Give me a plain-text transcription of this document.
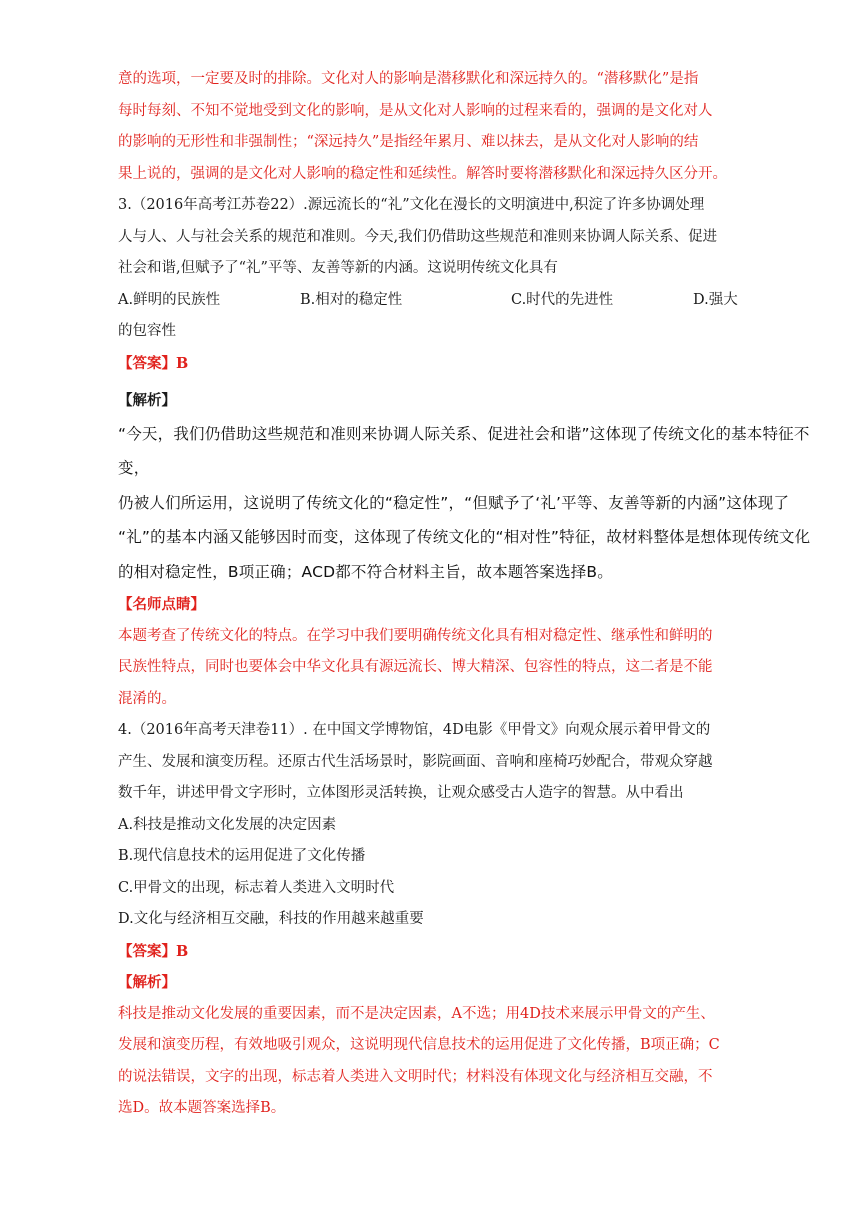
意的选项，一定要及时的排除。文化对人的影响是潜移默化和深远持久的。“潜移默化”是指

每时每刻、不知不觉地受到文化的影响，是从文化对人影响的过程来看的，强调的是文化对人

的影响的无形性和非强制性；“深远持久”是指经年累月、难以抹去，是从文化对人影响的结

果上说的，强调的是文化对人影响的稳定性和延续性。解答时要将潜移默化和深远持久区分开。

3.（2016年高考江苏卷22）.源远流长的“礼”文化在漫长的文明演进中,积淀了许多协调处理

人与人、人与社会关系的规范和准则。今天,我们仍借助这些规范和准则来协调人际关系、促进

社会和谐,但赋予了“礼”平等、友善等新的内涵。这说明传统文化具有

A.鲜明的民族性	B.相对的稳定性	C.时代的先进性	D.强大

的包容性

【答案】B

【解析】

“今天，我们仍借助这些规范和准则来协调人际关系、促进社会和谐”这体现了传统文化的基本特征不变，

仍被人们所运用，这说明了传统文化的“稳定性”，“但赋予了‘礼’平等、友善等新的内涵”这体现了

“礼”的基本内涵又能够因时而变，这体现了传统文化的“相对性”特征，故材料整体是想体现传统文化

的相对稳定性，B项正确；ACD都不符合材料主旨，故本题答案选择B。

【名师点睛】

本题考查了传统文化的特点。在学习中我们要明确传统文化具有相对稳定性、继承性和鲜明的

民族性特点，同时也要体会中华文化具有源远流长、博大精深、包容性的特点，这二者是不能

混淆的。

4.（2016年高考天津卷11）. 在中国文学博物馆，4D电影《甲骨文》向观众展示着甲骨文的

产生、发展和演变历程。还原古代生活场景时，影院画面、音响和座椅巧妙配合，带观众穿越

数千年，讲述甲骨文字形时，立体图形灵活转换，让观众感受古人造字的智慧。从中看出

A.科技是推动文化发展的决定因素

B.现代信息技术的运用促进了文化传播

C.甲骨文的出现，标志着人类进入文明时代

D.文化与经济相互交融，科技的作用越来越重要

【答案】B

【解析】

科技是推动文化发展的重要因素，而不是决定因素，A不选；用4D技术来展示甲骨文的产生、

发展和演变历程，有效地吸引观众，这说明现代信息技术的运用促进了文化传播，B项正确；C

的说法错误，文字的出现，标志着人类进入文明时代；材料没有体现文化与经济相互交融，不

选D。故本题答案选择B。
